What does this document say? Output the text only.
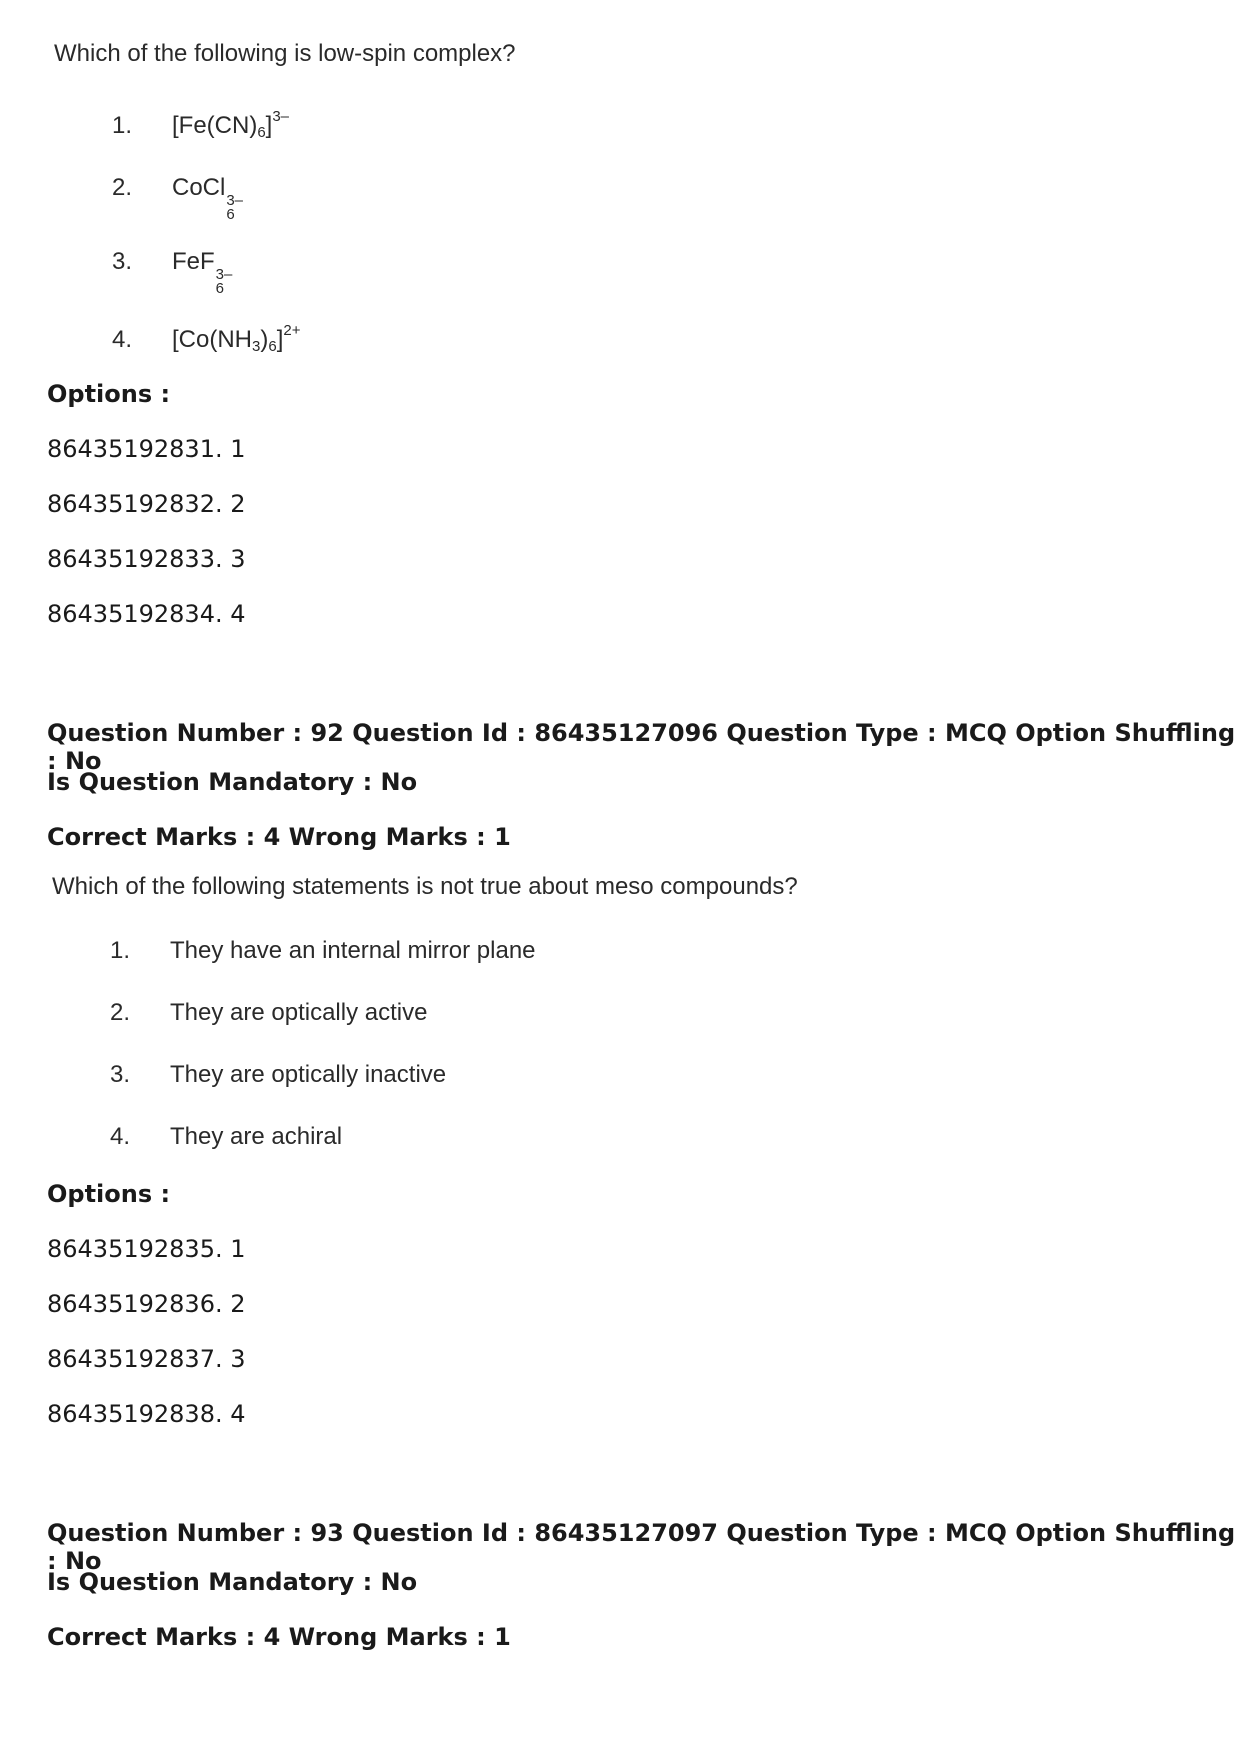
Which of the following is low-spin complex?
1.	$[Fe(CN)_6]^{3-}$
2.	CoCl 3–
6
3.	FeF 3–
6
4.	$[Co(NH_3)_6]^{2+}$
Options :
86435192831. 1
86435192832. 2
86435192833. 3
86435192834. 4
Question Number : 92 Question Id : 86435127096 Question Type : MCQ Option Shuffling : No
Is Question Mandatory : No
Correct Marks : 4 Wrong Marks : 1
Which of the following statements is not true about meso compounds?
1.	They have an internal mirror plane
2.	They are optically active
3.	They are optically inactive
4.	They are achiral
Options :
86435192835. 1
86435192836. 2
86435192837. 3
86435192838. 4
Question Number : 93 Question Id : 86435127097 Question Type : MCQ Option Shuffling : No
Is Question Mandatory : No
Correct Marks : 4 Wrong Marks : 1
